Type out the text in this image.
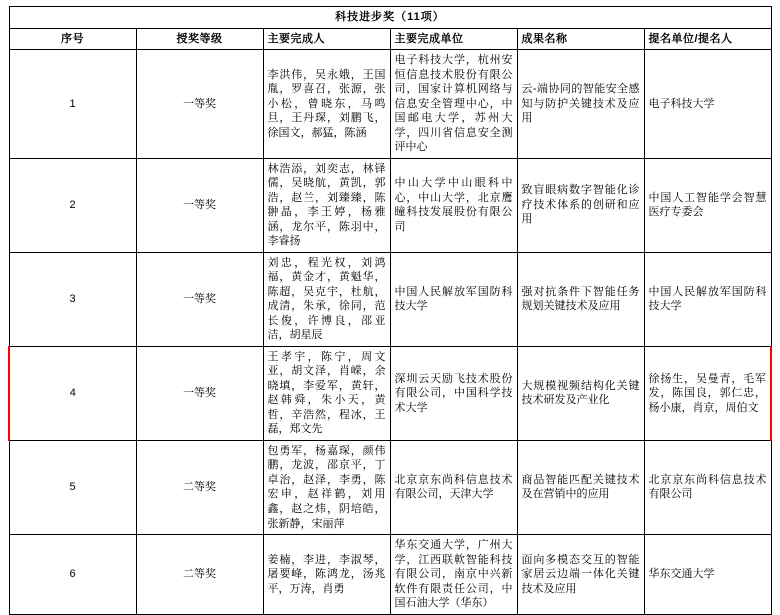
科技进步奖（11项）					
序号	授奖等级	主要完成人	主要完成单位	成果名称	提名单位/提名人
1	一等奖	李洪伟，吴永娥，王国胤，罗喜召，张源，张小松，曾晓东，马鸣旦，王丹琛，刘鹏飞，徐国文，郝猛，陈涵	电子科技大学，杭州安恒信息技术股份有限公司，国家计算机网络与信息安全管理中心，中国邮电大学，苏州大学，四川省信息安全测评中心	云-端协同的智能安全感知与防护关键技术及应用	电子科技大学
2	一等奖	林浩添，刘奕志，林铎儒，吴晓航，黄凯，郭浩，赵兰，刘臻臻，陈翀晶，李王婷，杨雅涵，龙尔平，陈羽中，李睿扬	中山大学中山眼科中心，中山大学，北京鹰瞳科技发展股份有限公司	致盲眼病数字智能化诊疗技术体系的创研和应用	中国人工智能学会智慧医疗专委会
3	一等奖	刘忠，程光权，刘鸿福，黄金才，黄魁华，陈超，吴克宇，杜航，成清，朱承，徐同，范长俊，许博良，邵亚洁，胡星辰	中国人民解放军国防科技大学	强对抗条件下智能任务规划关键技术及应用	中国人民解放军国防科技大学
4	一等奖	王孝宇，陈宁，周文亚，胡文泽，肖嵘，余晓填，李爱军，黄轩，赵韩舜，朱小天，黄哲，辛浩然，程冰，王磊，郑文先	深圳云天励飞技术股份有限公司，中国科学技术大学	大规模视频结构化关键技术研发及产业化	徐扬生，吴曼青，毛军发，陈国良，郭仁忠，杨小康，肖京，周伯文
5	二等奖	包勇军，杨嘉琛，颜伟鹏，龙波，邵京平，丁卓治，赵泽，李勇，陈宏申，赵祥鹤，刘用鑫，赵之炜，阴培皓，张新静，宋丽萍	北京京东尚科信息技术有限公司，天津大学	商品智能匹配关键技术及在营销中的应用	北京京东尚科信息技术有限公司
6	二等奖	姜楠，李进，李淑琴，屠要峰，陈鸿龙，汤兆平，万涛，肖勇	华东交通大学，广州大学，江西联軟智能科技有限公司，南京中兴新软件有限责任公司，中国石油大学（华东）	面向多模态交互的智能家居云边端一体化关键技术及应用	华东交通大学
